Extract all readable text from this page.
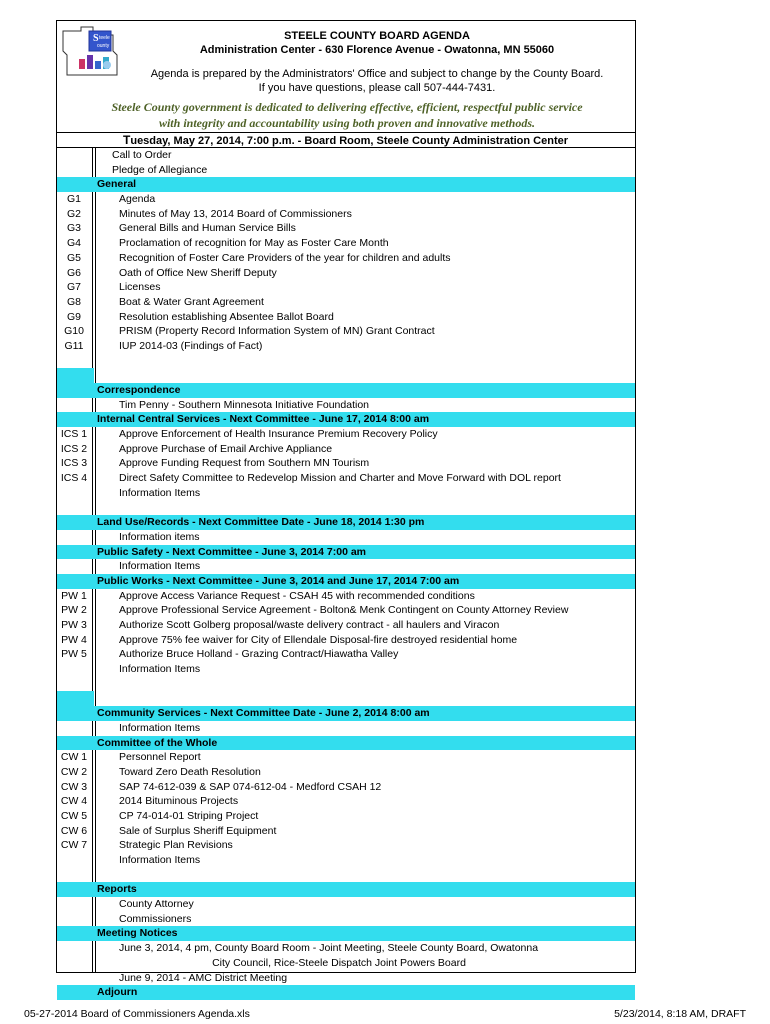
S teele
ounty
STEELE COUNTY BOARD AGENDA
Administration Center - 630 Florence Avenue - Owatonna, MN 55060
Agenda is prepared by the Administrators' Office and subject to change by the County Board.
If you have questions, please call 507-444-7431.
Steele County government is dedicated to delivering effective, efficient, respectful public service
with integrity and accountability using both proven and innovative methods.
Tuesday, May 27, 2014, 7:00 p.m. - Board Room, Steele County Administration Center
Call to Order
Pledge of Allegiance
General
G1	Agenda
G2	Minutes of May 13, 2014 Board of Commissioners
G3	General Bills and Human Service Bills
G4	Proclamation of recognition for May as Foster Care Month
G5	Recognition of Foster Care Providers of the year for children and adults
G6	Oath of Office New Sheriff Deputy
G7	Licenses
G8	Boat & Water Grant Agreement
G9	Resolution establishing Absentee Ballot Board
G10	PRISM (Property Record Information System of MN) Grant Contract
G11	IUP 2014-03 (Findings of Fact)
Correspondence
Tim Penny - Southern Minnesota Initiative Foundation
Internal Central Services - Next Committee - June 17, 2014 8:00 am
ICS 1	Approve Enforcement of Health Insurance Premium Recovery Policy
ICS 2	Approve Purchase of Email Archive Appliance
ICS 3	Approve Funding Request from Southern MN Tourism
ICS 4	Direct Safety Committee to Redevelop Mission and Charter and Move Forward with DOL report
Information Items
Land Use/Records - Next Committee Date - June 18, 2014 1:30 pm
Information items
Public Safety - Next Committee - June 3, 2014 7:00 am
Information Items
Public Works - Next Committee - June 3, 2014 and June 17, 2014 7:00 am
PW 1	Approve Access Variance Request - CSAH 45 with recommended conditions
PW 2	Approve Professional Service Agreement - Bolton& Menk Contingent on County Attorney Review
PW 3	Authorize Scott Golberg proposal/waste delivery contract - all haulers and Viracon
PW 4	Approve 75% fee waiver for City of Ellendale Disposal-fire destroyed residential home
PW 5	Authorize Bruce Holland - Grazing Contract/Hiawatha Valley
Information Items
Community Services - Next Committee Date - June 2, 2014 8:00 am
Information Items
Committee of the Whole
CW 1	Personnel Report
CW 2	Toward Zero Death Resolution
CW 3	SAP 74-612-039 & SAP 074-612-04 - Medford CSAH 12
CW 4	2014 Bituminous Projects
CW 5	CP 74-014-01 Striping Project
CW 6	Sale of Surplus Sheriff Equipment
CW 7	Strategic Plan Revisions
Information Items
Reports
County Attorney
Commissioners
Meeting Notices
June 3, 2014, 4 pm, County Board Room - Joint Meeting, Steele County Board, Owatonna
City Council, Rice-Steele Dispatch Joint Powers Board
June 9, 2014 - AMC District Meeting
Adjourn
05-27-2014 Board of Commissioners Agenda.xls	5/23/2014, 8:18 AM, DRAFT
